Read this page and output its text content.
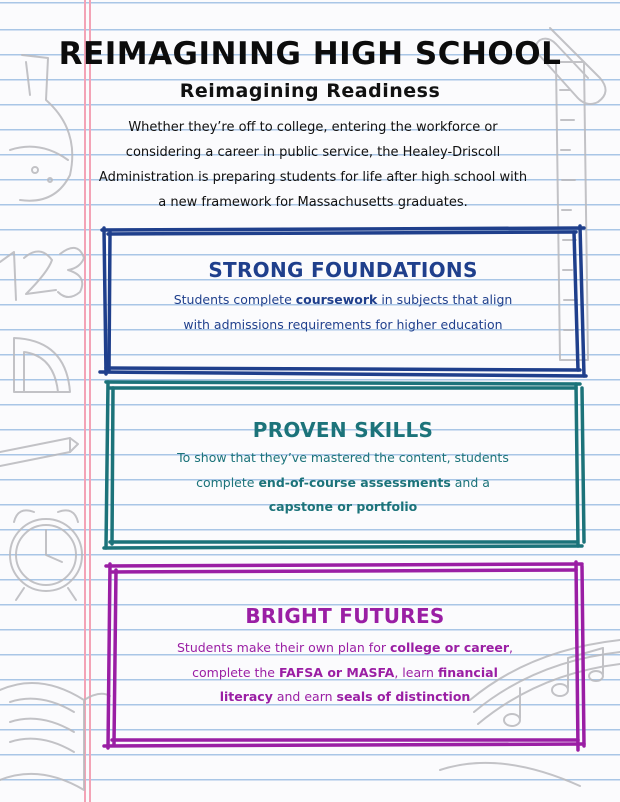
REIMAGINING HIGH SCHOOL
Reimagining Readiness

Whether they’re off to college, entering the workforce or considering a career in public service, the Healey-Driscoll Administration is preparing students for life after high school with a new framework for Massachusetts graduates.

STRONG FOUNDATIONS

Students complete coursework in subjects that align
with admissions requirements for higher education

PROVEN SKILLS

To show that they’ve mastered the content, students
complete end-of-course assessments and a
capstone or portfolio

BRIGHT FUTURES

Students make their own plan for college or career,
complete the FAFSA or MASFA, learn financial
literacy and earn seals of distinction
